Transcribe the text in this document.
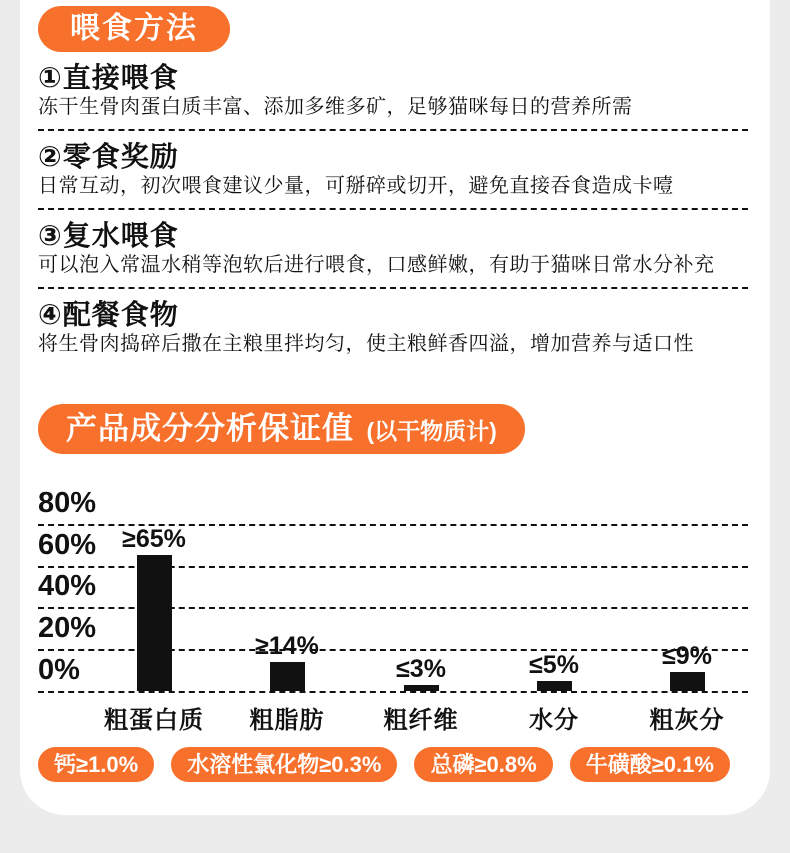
喂食方法
①直接喂食

冻干生骨肉蛋白质丰富、添加多维多矿，足够猫咪每日的营养所需

②零食奖励

日常互动，初次喂食建议少量，可掰碎或切开，避免直接吞食造成卡噎

③复水喂食

可以泡入常温水稍等泡软后进行喂食，口感鲜嫩，有助于猫咪日常水分补充

④配餐食物

将生骨肉捣碎后撒在主粮里拌均匀，使主粮鲜香四溢，增加营养与适口性

产品成分分析保证值 (以干物质计)
80%
60%
40%
20%
0%
≥65%
粗蛋白质
≥14%
粗脂肪
≤3%
粗纤维
≤5%
水分
≤9%
粗灰分
钙≥1.0%	水溶性氯化物≥0.3%	总磷≥0.8%	牛磺酸≥0.1%
